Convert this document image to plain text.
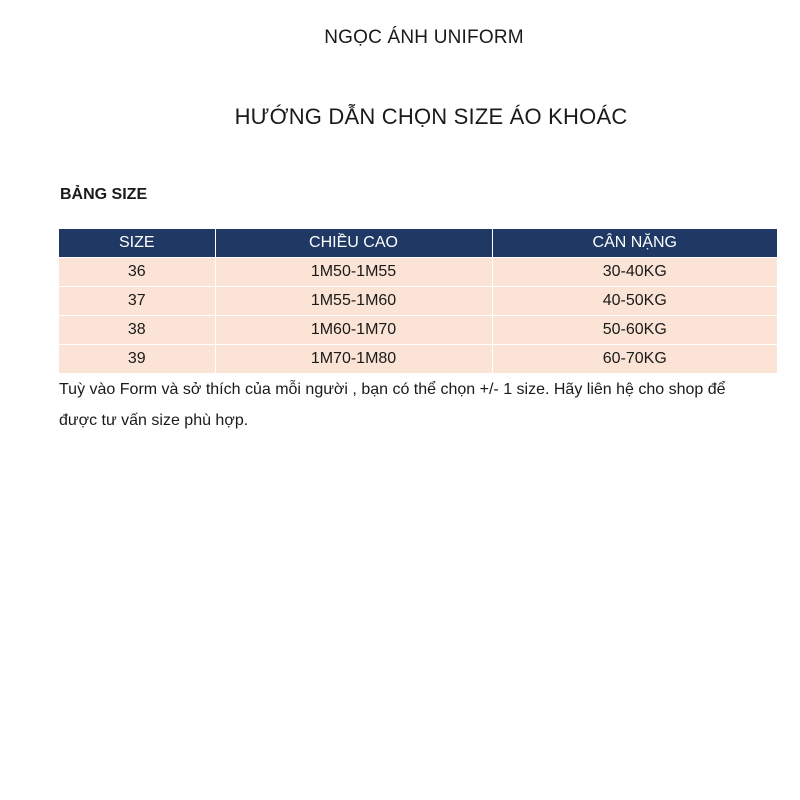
NGỌC ÁNH UNIFORM
HƯỚNG DẪN CHỌN SIZE ÁO KHOÁC
BẢNG SIZE
SIZE	CHIỀU CAO	CÂN NẶNG
36	1M50-1M55	30-40KG
37	1M55-1M60	40-50KG
38	1M60-1M70	50-60KG
39	1M70-1M80	60-70KG
Tuỳ vào Form và sở thích của mỗi người , bạn có thể chọn +/- 1 size. Hãy liên hệ cho shop để được tư vấn size phù hợp.
